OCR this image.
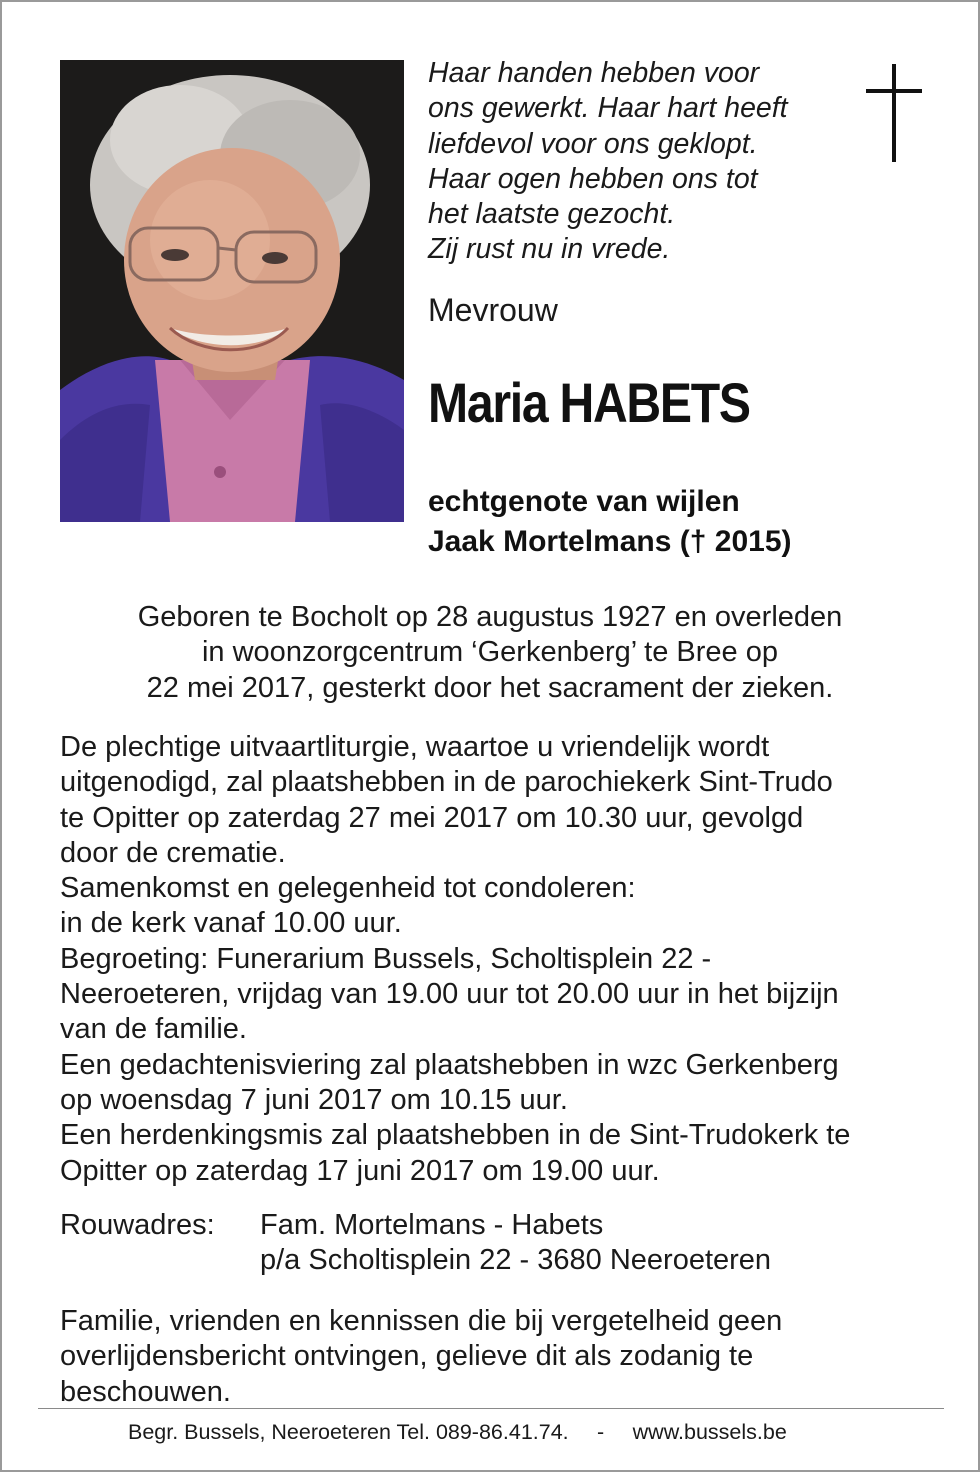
Haar handen hebben voor
ons gewerkt. Haar hart heeft
liefdevol voor ons geklopt.
Haar ogen hebben ons tot
het laatste gezocht.
Zij rust nu in vrede.
Mevrouw
Maria HABETS
echtgenote van wijlen
Jaak Mortelmans († 2015)
Geboren te Bocholt op 28 augustus 1927 en overleden
in woonzorgcentrum ‘Gerkenberg’ te Bree op
22 mei 2017, gesterkt door het sacrament der zieken.
De plechtige uitvaartliturgie, waartoe u vriendelijk wordt
uitgenodigd, zal plaatshebben in de parochiekerk Sint-Trudo
te Opitter op zaterdag 27 mei 2017 om 10.30 uur, gevolgd
door de crematie.
Samenkomst en gelegenheid tot condoleren:
in de kerk vanaf 10.00 uur.
Begroeting: Funerarium Bussels, Scholtisplein 22 -
Neeroeteren, vrijdag van 19.00 uur tot 20.00 uur in het bijzijn
van de familie.
Een gedachtenisviering zal plaatshebben in wzc Gerkenberg
op woensdag 7 juni 2017 om 10.15 uur.
Een herdenkingsmis zal plaatshebben in de Sint-Trudokerk te
Opitter op zaterdag 17 juni 2017 om 19.00 uur.
Rouwadres: Fam. Mortelmans - Habets
p/a Scholtisplein 22 - 3680 Neeroeteren
Familie, vrienden en kennissen die bij vergetelheid geen
overlijdensbericht ontvingen, gelieve dit als zodanig te
beschouwen.
Begr. Bussels, Neeroeteren Tel. 089-86.41.74. - www.bussels.be
